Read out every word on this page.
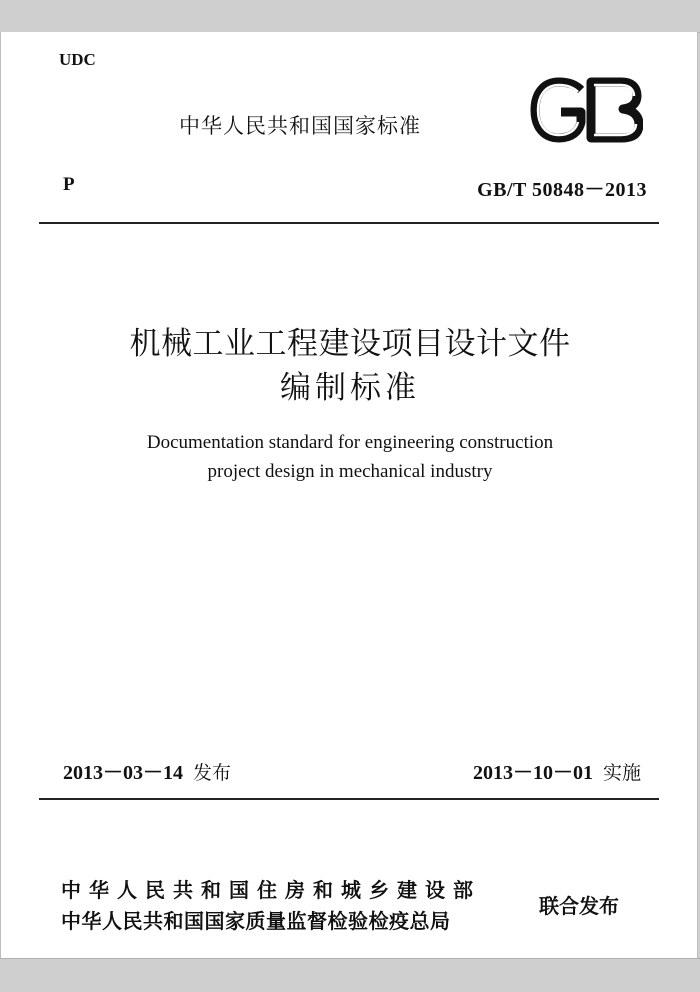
UDC
中华人民共和国国家标准
P	GB/T 50848－2013
机械工业工程建设项目设计文件
编制标准
Documentation standard for engineering construction
project design in mechanical industry
2013－03－14 发布	2013－10－01 实施
中华人民共和国住房和城乡建设部
中华人民共和国国家质量监督检验检疫总局
联合发布
